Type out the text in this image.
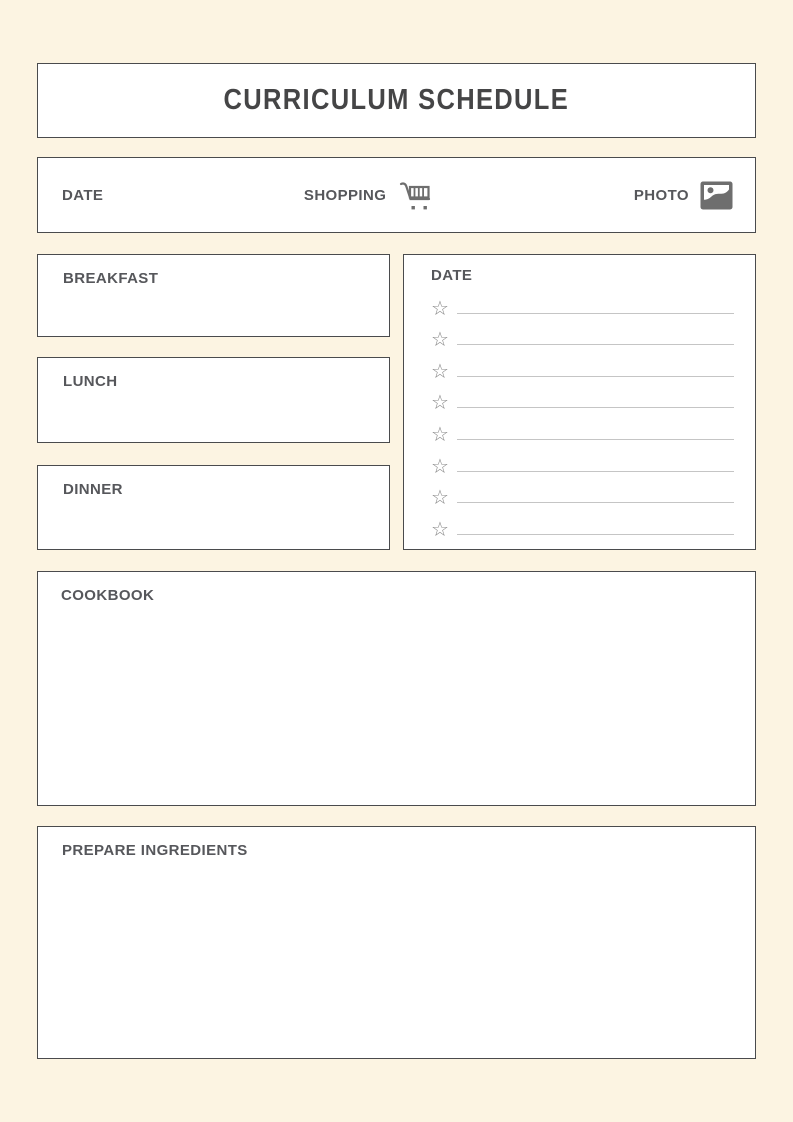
CURRICULUM SCHEDULE
DATE	SHOPPING	PHOTO
BREAKFAST
LUNCH
DINNER
DATE
☆
☆
☆
☆
☆
☆
☆
☆
COOKBOOK
PREPARE INGREDIENTS
